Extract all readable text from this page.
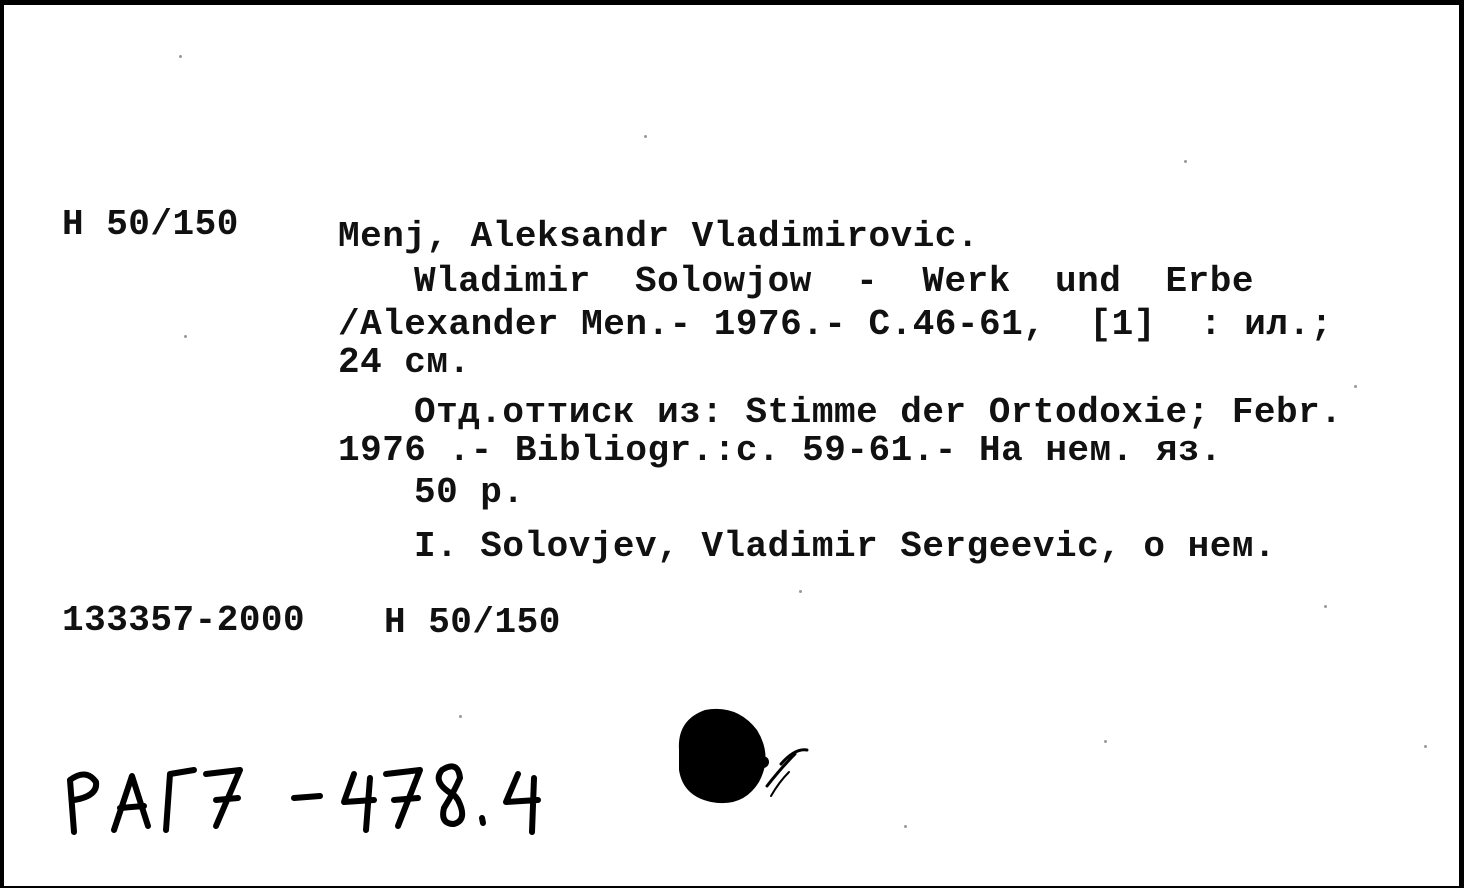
H 50/150	Menj, Aleksandr Vladimirovic.
Wladimir  Solowjow  -  Werk  und  Erbe
/Alexander Men.- 1976.- C.46-61,  [1]  : ил.;
24 см.
Отд.оттиск из: Stimme der Ortodoxie; Febr.
1976 .- Bibliogr.:c. 59-61.- На нем. яз.
50 p.
I. Solovjev, Vladimir Sergeevic, о нем.
133357-2000 H 50/150
